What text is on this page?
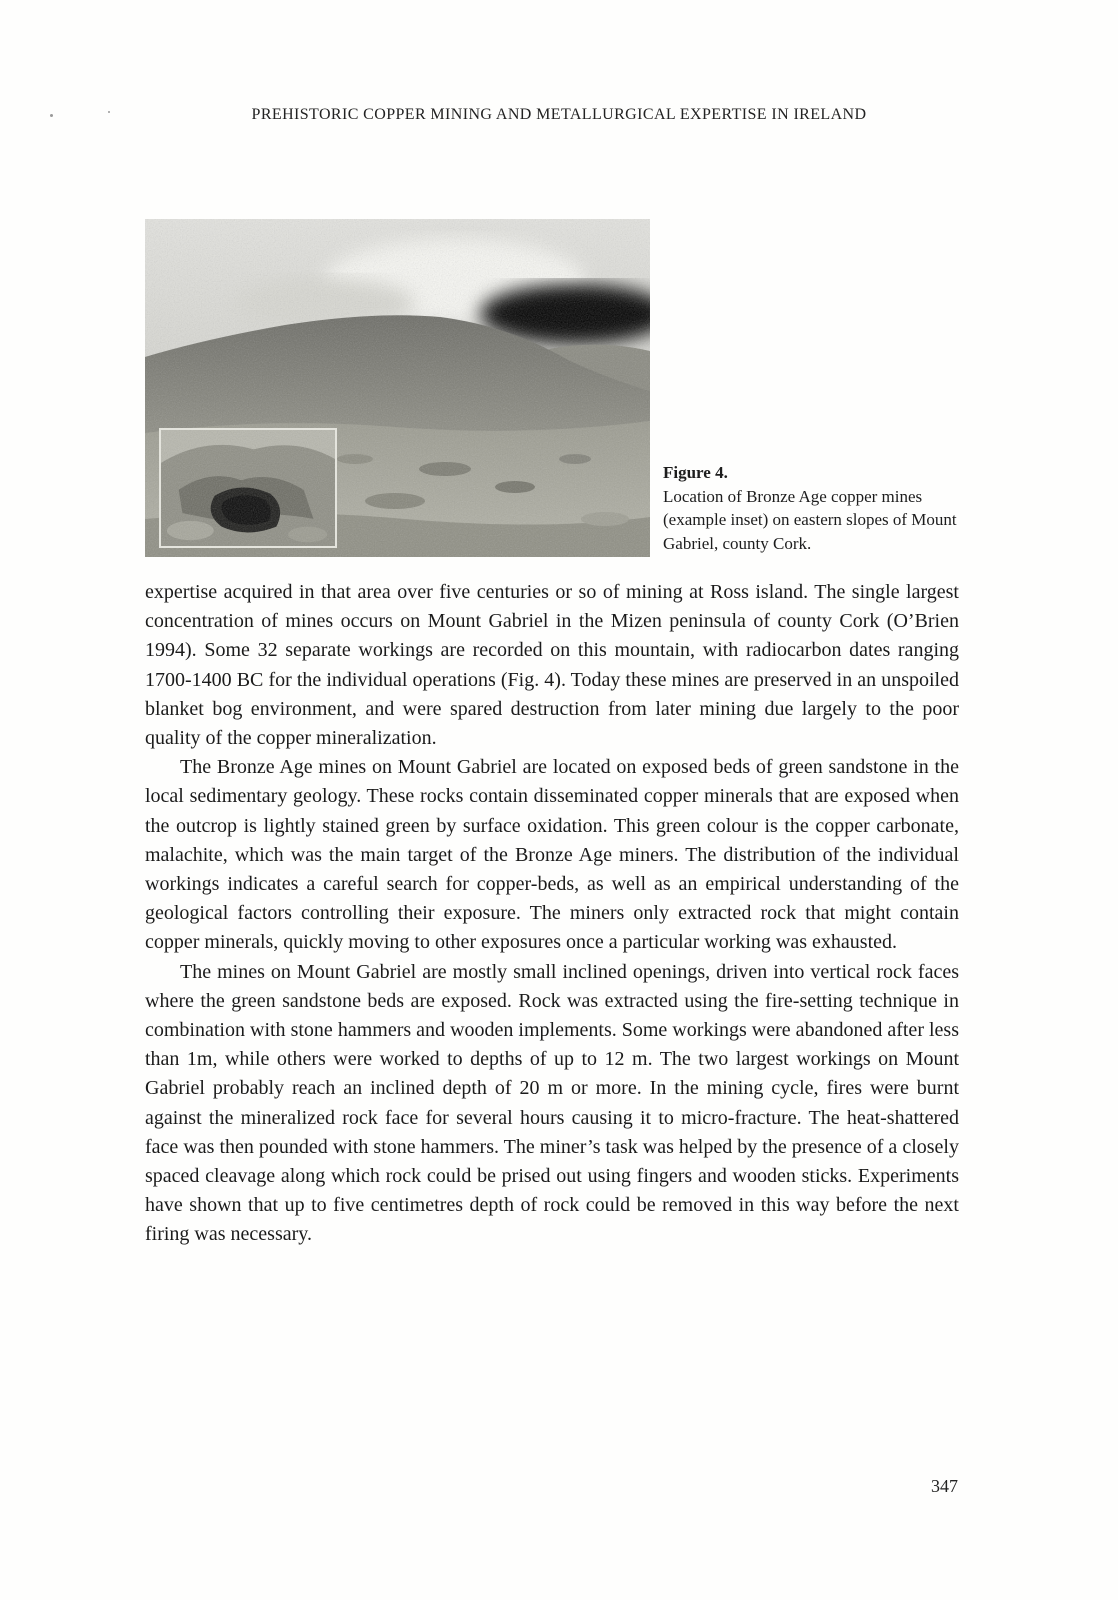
PREHISTORIC COPPER MINING AND METALLURGICAL EXPERTISE IN IRELAND
Figure 4.
Location of Bronze Age copper mines (example inset) on eastern slopes of Mount Gabriel, county Cork.

expertise acquired in that area over five centuries or so of mining at Ross island. The single largest concentration of mines occurs on Mount Gabriel in the Mizen peninsula of county Cork (O’Brien 1994). Some 32 separate workings are recorded on this mountain, with radiocarbon dates ranging 1700-1400 BC for the individual operations (Fig. 4). Today these mines are preserved in an unspoiled blanket bog environment, and were spared destruction from later mining due largely to the poor quality of the copper mineralization.

The Bronze Age mines on Mount Gabriel are located on exposed beds of green sandstone in the local sedimentary geology. These rocks contain disseminated copper minerals that are exposed when the outcrop is lightly stained green by surface oxidation. This green colour is the copper carbonate, malachite, which was the main target of the Bronze Age miners. The distribution of the individual workings indicates a careful search for copper-beds, as well as an empirical understanding of the geological factors controlling their exposure. The miners only extracted rock that might contain copper minerals, quickly moving to other exposures once a particular working was exhausted.

The mines on Mount Gabriel are mostly small inclined openings, driven into vertical rock faces where the green sandstone beds are exposed. Rock was extracted using the fire-setting technique in combination with stone hammers and wooden implements. Some workings were abandoned after less than 1m, while others were worked to depths of up to 12 m. The two largest workings on Mount Gabriel probably reach an inclined depth of 20 m or more. In the mining cycle, fires were burnt against the mineralized rock face for several hours causing it to micro-fracture. The heat-shattered face was then pounded with stone hammers. The miner’s task was helped by the presence of a closely spaced cleavage along which rock could be prised out using fingers and wooden sticks. Experiments have shown that up to five centimetres depth of rock could be removed in this way before the next firing was necessary.

347
